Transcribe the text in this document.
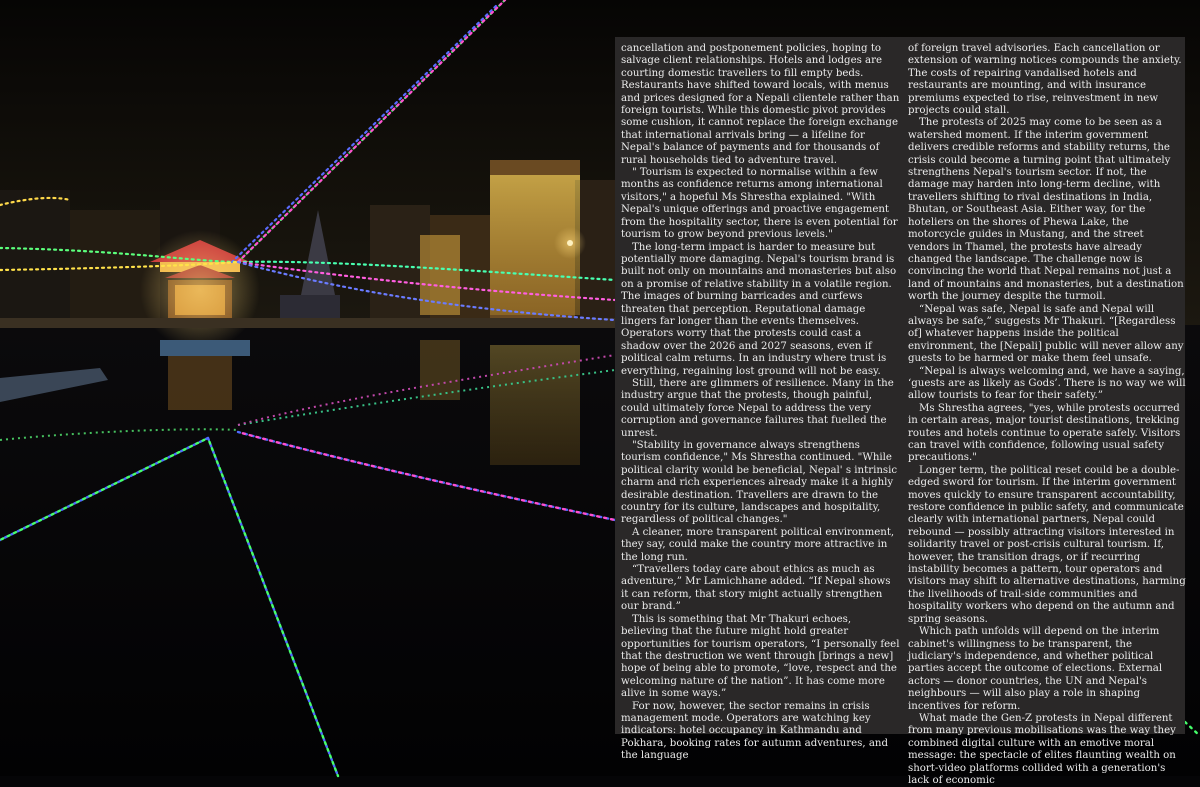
cancellation and postponement policies, hoping to salvage client relationships. Hotels and lodges are courting domestic travellers to fill empty beds. Restaurants have shifted toward locals, with menus and prices designed for a Nepali clientele rather than foreign tourists. While this domestic pivot provides some cushion, it cannot replace the foreign exchange that international arrivals bring — a lifeline for Nepal's balance of payments and for thousands of rural households tied to adventure travel.

" Tourism is expected to normalise within a few months as confidence returns among international visitors," a hopeful Ms Shrestha explained. "With Nepal's unique offerings and proactive engagement from the hospitality sector, there is even potential for tourism to grow beyond previous levels."

The long-term impact is harder to measure but potentially more damaging. Nepal's tourism brand is built not only on mountains and monasteries but also on a promise of relative stability in a volatile region. The images of burning barricades and curfews threaten that perception. Reputational damage lingers far longer than the events themselves. Operators worry that the protests could cast a shadow over the 2026 and 2027 seasons, even if political calm returns. In an industry where trust is everything, regaining lost ground will not be easy.

Still, there are glimmers of resilience. Many in the industry argue that the protests, though painful, could ultimately force Nepal to address the very corruption and governance failures that fuelled the unrest.

"Stability in governance always strengthens tourism confidence," Ms Shrestha continued. "While political clarity would be beneficial, Nepal' s intrinsic charm and rich experiences already make it a highly desirable destination. Travellers are drawn to the country for its culture, landscapes and hospitality, regardless of political changes."

A cleaner, more transparent political environment, they say, could make the country more attractive in the long run.

“Travellers today care about ethics as much as adventure,” Mr Lamichhane added. “If Nepal shows it can reform, that story might actually strengthen our brand.”

This is something that Mr Thakuri echoes, believing that the future might hold greater opportunities for tourism operators, “I personally feel that the destruction we went through [brings a new] hope of being able to promote, “love, respect and the welcoming nature of the nation”. It has come more alive in some ways.”

For now, however, the sector remains in crisis management mode. Operators are watching key indicators: hotel occupancy in Kathmandu and Pokhara, booking rates for autumn adventures, and the language

of foreign travel advisories. Each cancellation or extension of warning notices compounds the anxiety. The costs of repairing vandalised hotels and restaurants are mounting, and with insurance premiums expected to rise, reinvestment in new projects could stall.

The protests of 2025 may come to be seen as a watershed moment. If the interim government delivers credible reforms and stability returns, the crisis could become a turning point that ultimately strengthens Nepal's tourism sector. If not, the damage may harden into long-term decline, with travellers shifting to rival destinations in India, Bhutan, or Southeast Asia. Either way, for the hoteliers on the shores of Phewa Lake, the motorcycle guides in Mustang, and the street vendors in Thamel, the protests have already changed the landscape. The challenge now is convincing the world that Nepal remains not just a land of mountains and monasteries, but a destination worth the journey despite the turmoil.

“Nepal was safe, Nepal is safe and Nepal will always be safe,” suggests Mr Thakuri. “[Regardless of] whatever happens inside the political environment, the [Nepali] public will never allow any guests to be harmed or make them feel unsafe.

“Nepal is always welcoming and, we have a saying, ‘guests are as likely as Gods’. There is no way we will allow tourists to fear for their safety.”

Ms Shrestha agrees, "yes, while protests occurred in certain areas, major tourist destinations, trekking routes and hotels continue to operate safely. Visitors can travel with confidence, following usual safety precautions."

Longer term, the political reset could be a double-edged sword for tourism. If the interim government moves quickly to ensure transparent accountability, restore confidence in public safety, and communicate clearly with international partners, Nepal could rebound — possibly attracting visitors interested in solidarity travel or post-crisis cultural tourism. If, however, the transition drags, or if recurring instability becomes a pattern, tour operators and visitors may shift to alternative destinations, harming the livelihoods of trail-side communities and hospitality workers who depend on the autumn and spring seasons.

Which path unfolds will depend on the interim cabinet's willingness to be transparent, the judiciary's independence, and whether political parties accept the outcome of elections. External actors — donor countries, the UN and Nepal's neighbours — will also play a role in shaping incentives for reform.

What made the Gen-Z protests in Nepal different from many previous mobilisations was the way they combined digital culture with an emotive moral message: the spectacle of elites flaunting wealth on short-video platforms collided with a generation's lack of economic
